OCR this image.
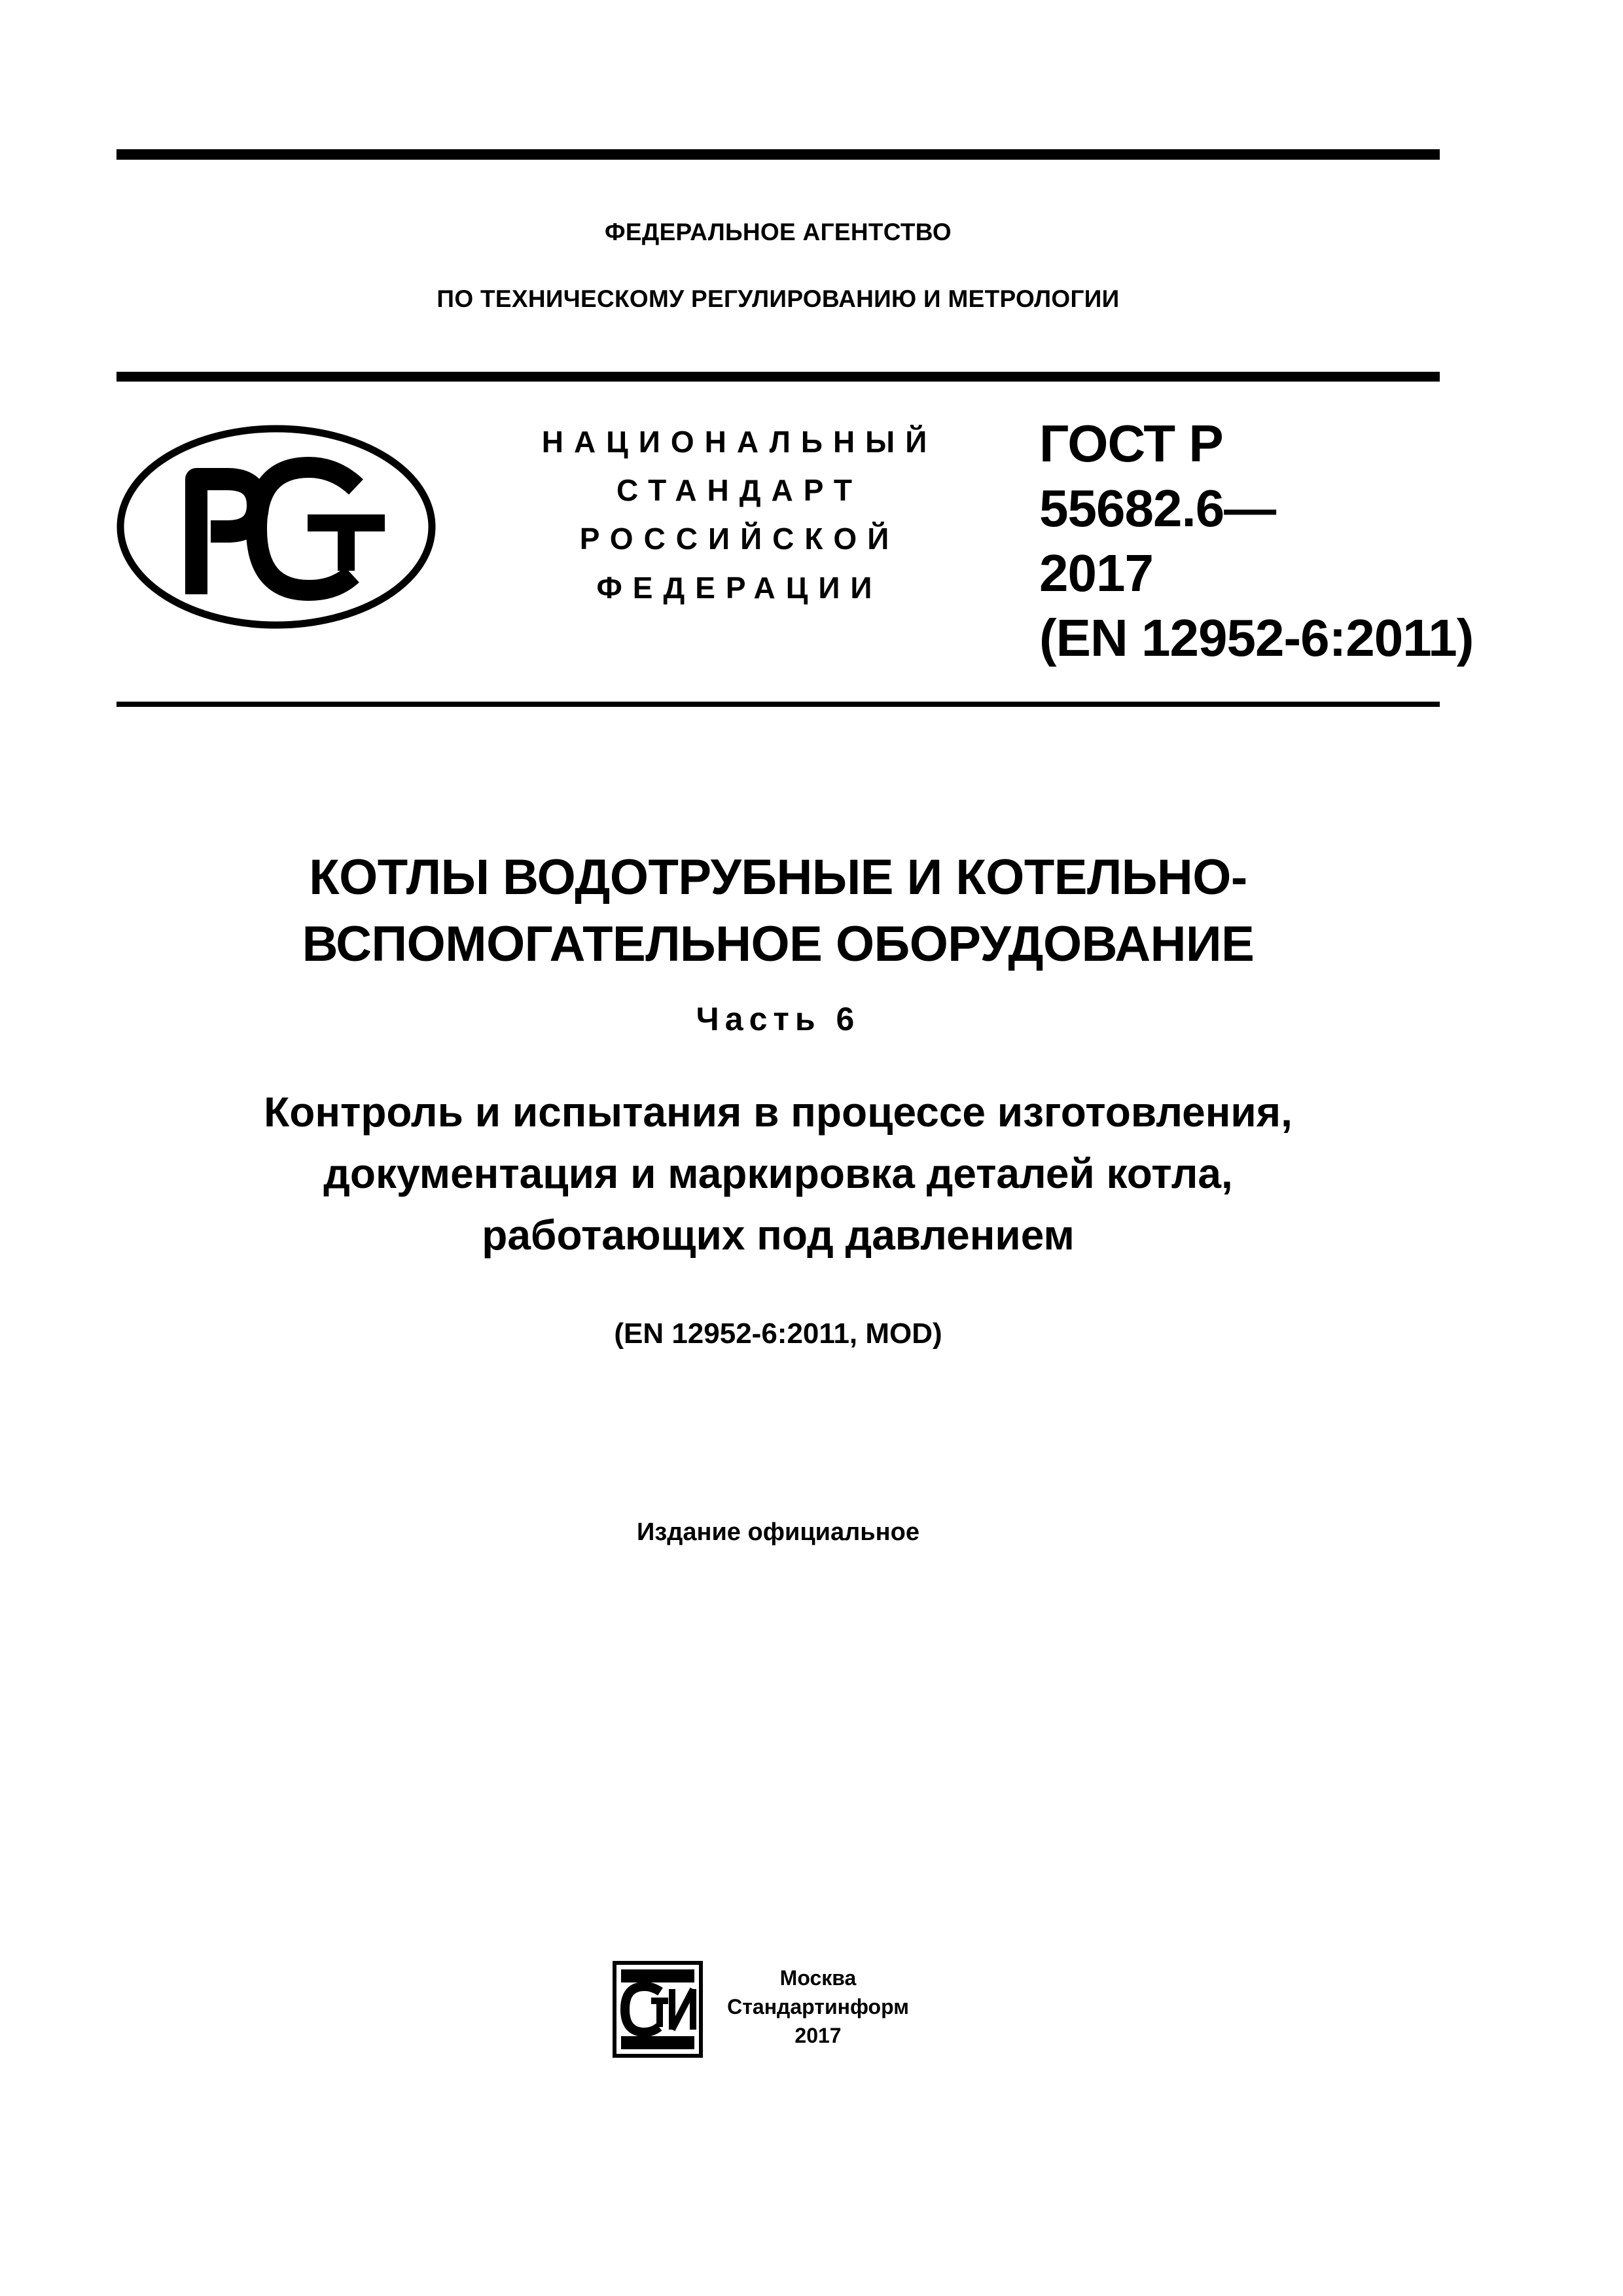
ФЕДЕРАЛЬНОЕ АГЕНТСТВО
ПО ТЕХНИЧЕСКОМУ РЕГУЛИРОВАНИЮ И МЕТРОЛОГИИ
НАЦИОНАЛЬНЫЙ
СТАНДАРТ
РОССИЙСКОЙ
ФЕДЕРАЦИИ
ГОСТ Р
55682.6—
2017
(EN 12952-6:2011)
КОТЛЫ ВОДОТРУБНЫЕ И КОТЕЛЬНО-
ВСПОМОГАТЕЛЬНОЕ ОБОРУДОВАНИЕ
Часть 6
Контроль и испытания в процессе изготовления,
документация и маркировка деталей котла,
работающих под давлением
(EN 12952-6:2011, MOD)
Издание официальное
Москва
Стандартинформ
2017
